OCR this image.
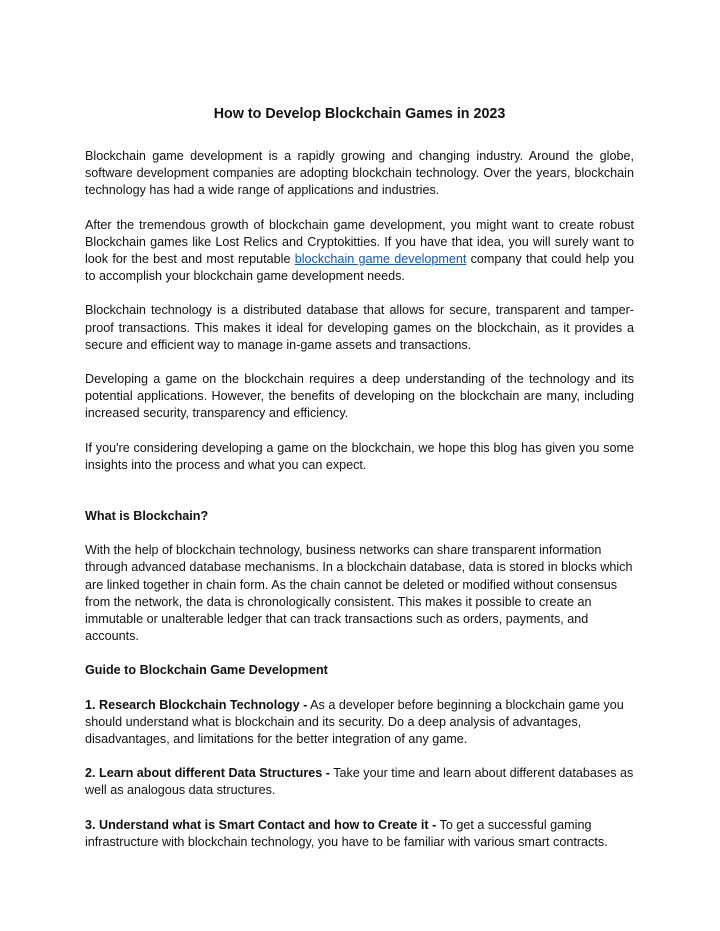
How to Develop Blockchain Games in 2023

Blockchain game development is a rapidly growing and changing industry. Around the globe, software development companies are adopting blockchain technology. Over the years, blockchain technology has had a wide range of applications and industries.

After the tremendous growth of blockchain game development, you might want to create robust Blockchain games like Lost Relics and Cryptokitties. If you have that idea, you will surely want to look for the best and most reputable blockchain game development company that could help you to accomplish your blockchain game development needs.

Blockchain technology is a distributed database that allows for secure, transparent and tamper-proof transactions. This makes it ideal for developing games on the blockchain, as it provides a secure and efficient way to manage in-game assets and transactions.

Developing a game on the blockchain requires a deep understanding of the technology and its potential applications. However, the benefits of developing on the blockchain are many, including increased security, transparency and efficiency.

If you're considering developing a game on the blockchain, we hope this blog has given you some insights into the process and what you can expect.

What is Blockchain?

With the help of blockchain technology, business networks can share transparent information through advanced database mechanisms. In a blockchain database, data is stored in blocks which are linked together in chain form. As the chain cannot be deleted or modified without consensus from the network, the data is chronologically consistent. This makes it possible to create an immutable or unalterable ledger that can track transactions such as orders, payments, and accounts.

Guide to Blockchain Game Development

1. Research Blockchain Technology - As a developer before beginning a blockchain game you should understand what is blockchain and its security. Do a deep analysis of advantages, disadvantages, and limitations for the better integration of any game.

2. Learn about different Data Structures - Take your time and learn about different databases as well as analogous data structures.

3. Understand what is Smart Contact and how to Create it - To get a successful gaming infrastructure with blockchain technology, you have to be familiar with various smart contracts.
